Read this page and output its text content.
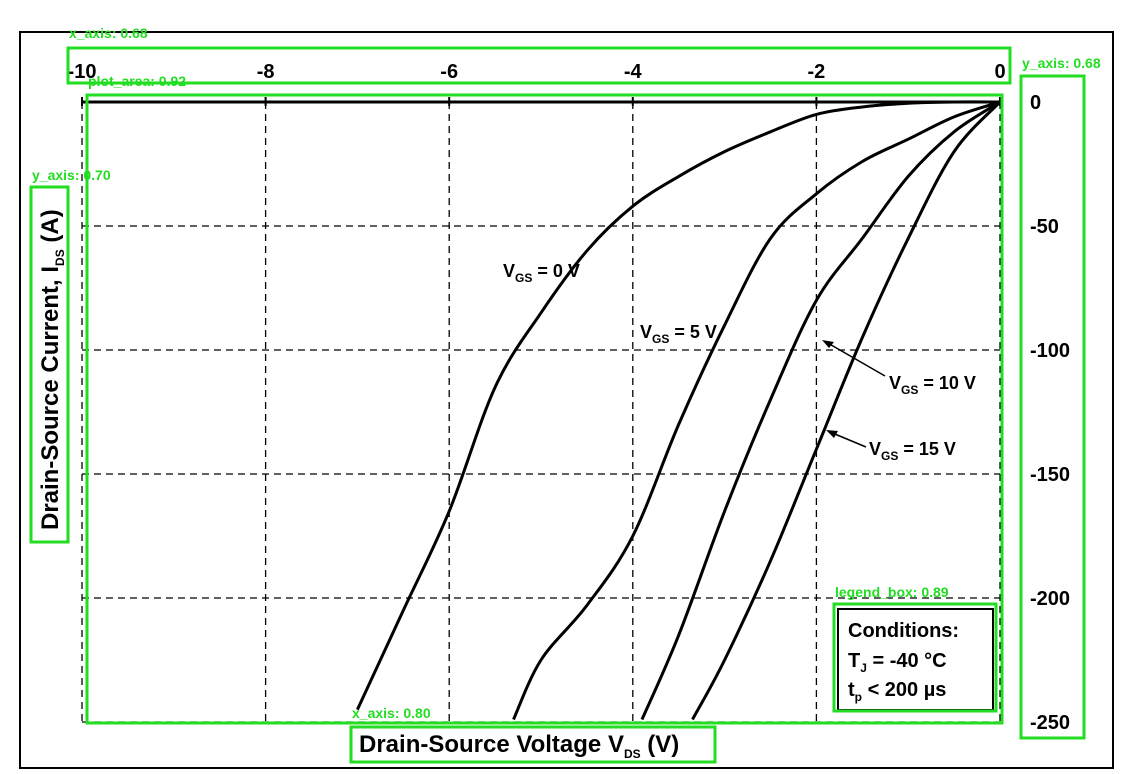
-10	-8	-6	-4	-2	0
0
-50
-100
-150
-200
-250
$V_{GS} = 0$ V
$V_{GS} = 5$ V
$V_{GS} = 10$ V
$V_{GS} = 15$ V
Conditions:
$T_J = -40$ °C
$t_p < 200$ µs
Drain-Source Voltage $V_{DS}$ (V)
Drain-Source Current, $I_{DS}$ (A)
x_axis: 0.68
plot_area: 0.92
y_axis: 0.68
y_axis: 0.70
legend_box: 0.89
x_axis: 0.80
